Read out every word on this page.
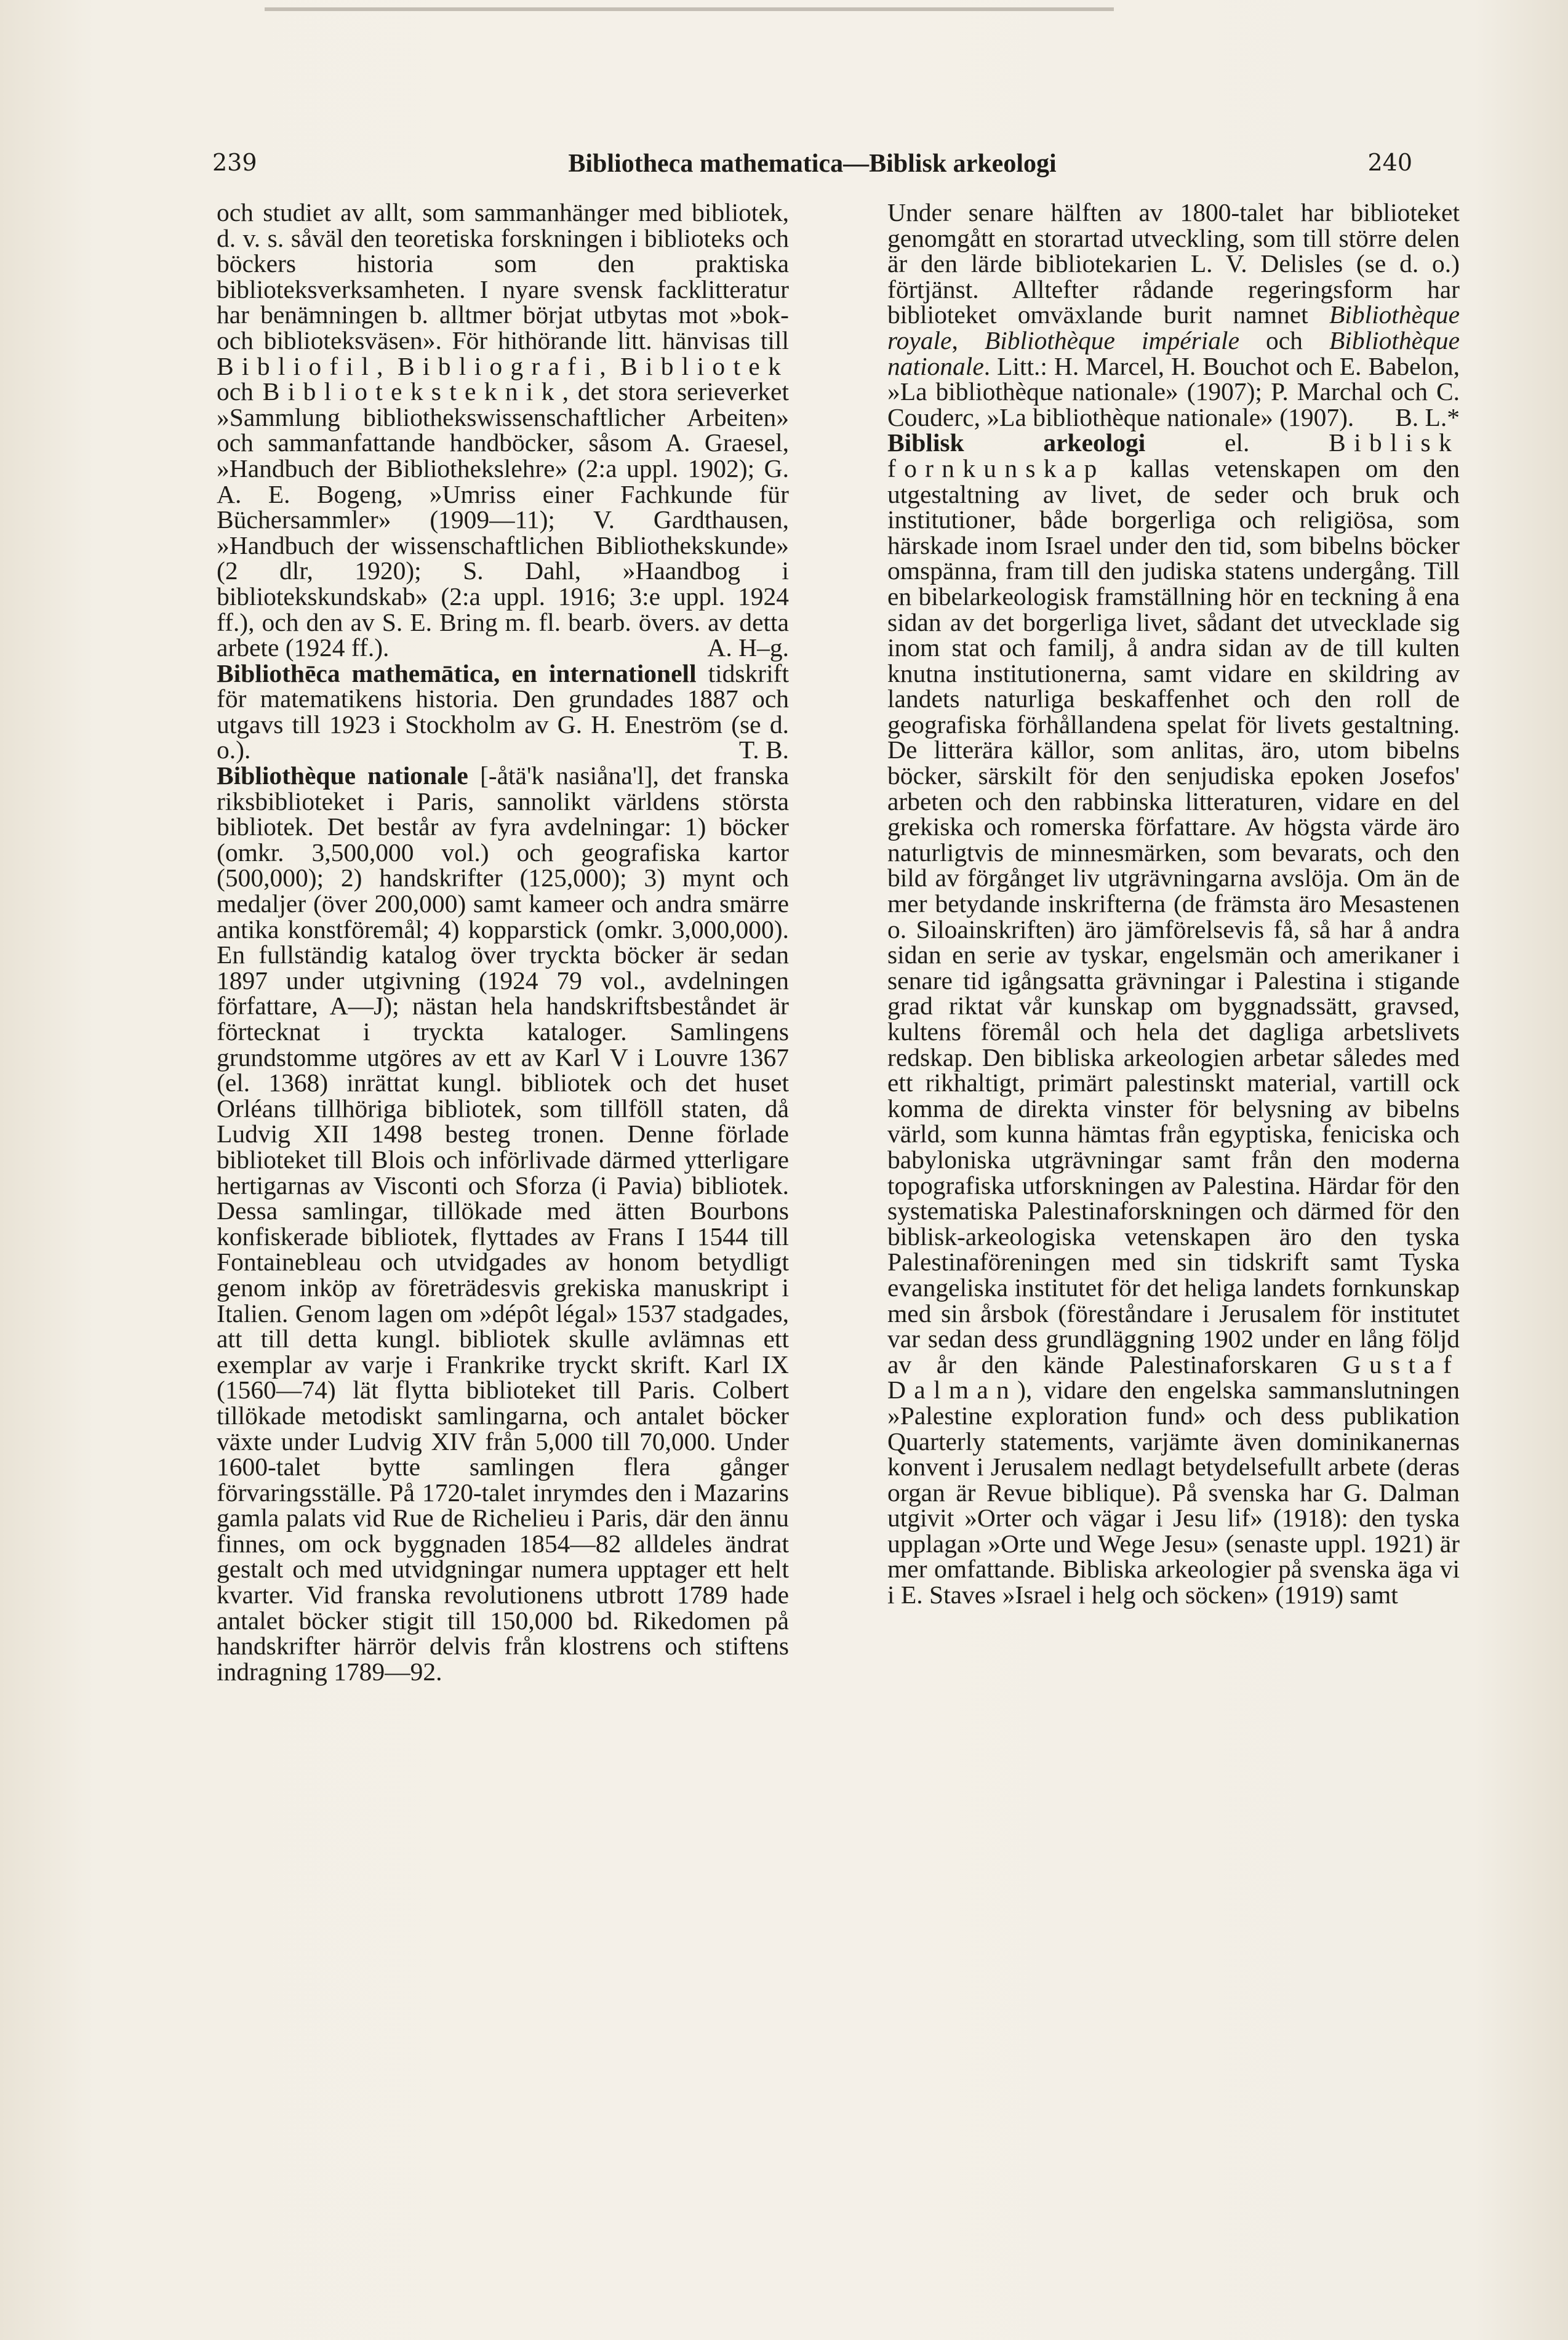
239	Bibliotheca mathematica—Biblisk arkeologi	240

och studiet av allt, som sammanhänger med bibliotek, d. v. s. såväl den teoretiska forskningen i biblioteks och böckers historia som den praktiska biblioteksverksamheten. I nyare svensk facklitteratur har benämningen b. alltmer börjat utbytas mot »bok- och biblioteksväsen». För hithörande litt. hänvisas till Bibliofil, Bibliografi, Bibliotek och Biblioteksteknik, det stora serieverket »Sammlung bibliothekswissenschaftlicher Arbeiten» och sammanfattande handböcker, såsom A. Graesel, »Handbuch der Bibliothekslehre» (2:a uppl. 1902); G. A. E. Bogeng, »Umriss einer Fachkunde für Büchersammler» (1909—11); V. Gardthausen, »Handbuch der wissenschaftlichen Bibliothekskunde» (2 dlr, 1920); S. Dahl, »Haandbog i bibliotekskundskab» (2:a uppl. 1916; 3:e uppl. 1924 ff.), och den av S. E. Bring m. fl. bearb. övers. av detta arbete (1924 ff.).	A. H–g.

Bibliothēca mathemātica, en internationell tidskrift för matematikens historia. Den grundades 1887 och utgavs till 1923 i Stockholm av G. H. Eneström (se d. o.).	T. B.

Bibliothèque nationale [-åtä'k nasiåna'l], det franska riksbiblioteket i Paris, sannolikt världens största bibliotek. Det består av fyra avdelningar: 1) böcker (omkr. 3,500,000 vol.) och geografiska kartor (500,000); 2) handskrifter (125,000); 3) mynt och medaljer (över 200,000) samt kameer och andra smärre antika konstföremål; 4) kopparstick (omkr. 3,000,000). En fullständig katalog över tryckta böcker är sedan 1897 under utgivning (1924 79 vol., avdelningen författare, A—J); nästan hela handskriftsbeståndet är förtecknat i tryckta kataloger. Samlingens grundstomme utgöres av ett av Karl V i Louvre 1367 (el. 1368) inrättat kungl. bibliotek och det huset Orléans tillhöriga bibliotek, som tillföll staten, då Ludvig XII 1498 besteg tronen. Denne förlade biblioteket till Blois och införlivade därmed ytterligare hertigarnas av Visconti och Sforza (i Pavia) bibliotek. Dessa samlingar, tillökade med ätten Bourbons konfiskerade bibliotek, flyttades av Frans I 1544 till Fontainebleau och utvidgades av honom betydligt genom inköp av företrädesvis grekiska manuskript i Italien. Genom lagen om »dépôt légal» 1537 stadgades, att till detta kungl. bibliotek skulle avlämnas ett exemplar av varje i Frankrike tryckt skrift. Karl IX (1560—74) lät flytta biblioteket till Paris. Colbert tillökade metodiskt samlingarna, och antalet böcker växte under Ludvig XIV från 5,000 till 70,000. Under 1600-talet bytte samlingen flera gånger förvaringsställe. På 1720-talet inrymdes den i Mazarins gamla palats vid Rue de Richelieu i Paris, där den ännu finnes, om ock byggnaden 1854—82 alldeles ändrat gestalt och med utvidgningar numera upptager ett helt kvarter. Vid franska revolutionens utbrott 1789 hade antalet böcker stigit till 150,000 bd. Rikedomen på handskrifter härrör delvis från klostrens och stiftens indragning 1789—92.

Under senare hälften av 1800-talet har biblioteket genomgått en storartad utveckling, som till större delen är den lärde bibliotekarien L. V. Delisles (se d. o.) förtjänst. Alltefter rådande regeringsform har biblioteket omväxlande burit namnet Bibliothèque royale, Bibliothèque impériale och Bibliothèque nationale. Litt.: H. Marcel, H. Bouchot och E. Babelon, »La bibliothèque nationale» (1907); P. Marchal och C. Couderc, »La bibliothèque nationale» (1907). B. L.*

Biblisk arkeologi el. Biblisk fornkunskap kallas vetenskapen om den utgestaltning av livet, de seder och bruk och institutioner, både borgerliga och religiösa, som härskade inom Israel under den tid, som bibelns böcker omspänna, fram till den judiska statens undergång. Till en bibelarkeologisk framställning hör en teckning å ena sidan av det borgerliga livet, sådant det utvecklade sig inom stat och familj, å andra sidan av de till kulten knutna institutionerna, samt vidare en skildring av landets naturliga beskaffenhet och den roll de geografiska förhållandena spelat för livets gestaltning. De litterära källor, som anlitas, äro, utom bibelns böcker, särskilt för den senjudiska epoken Josefos' arbeten och den rabbinska litteraturen, vidare en del grekiska och romerska författare. Av högsta värde äro naturligtvis de minnesmärken, som bevarats, och den bild av förgånget liv utgrävningarna avslöja. Om än de mer betydande inskrifterna (de främsta äro Mesastenen o. Siloainskriften) äro jämförelsevis få, så har å andra sidan en serie av tyskar, engelsmän och amerikaner i senare tid igångsatta grävningar i Palestina i stigande grad riktat vår kunskap om byggnadssätt, gravsed, kultens föremål och hela det dagliga arbetslivets redskap. Den bibliska arkeologien arbetar således med ett rikhaltigt, primärt palestinskt material, vartill ock komma de direkta vinster för belysning av bibelns värld, som kunna hämtas från egyptiska, feniciska och babyloniska utgrävningar samt från den moderna topografiska utforskningen av Palestina. Härdar för den systematiska Palestinaforskningen och därmed för den biblisk-arkeologiska vetenskapen äro den tyska Palestinaföreningen med sin tidskrift samt Tyska evangeliska institutet för det heliga landets fornkunskap med sin årsbok (föreståndare i Jerusalem för institutet var sedan dess grundläggning 1902 under en lång följd av år den kände Palestinaforskaren Gustaf Dalman), vidare den engelska sammanslutningen »Palestine exploration fund» och dess publikation Quarterly statements, varjämte även dominikanernas konvent i Jerusalem nedlagt betydelsefullt arbete (deras organ är Revue biblique). På svenska har G. Dalman utgivit »Orter och vägar i Jesu lif» (1918): den tyska upplagan »Orte und Wege Jesu» (senaste uppl. 1921) är mer omfattande. Bibliska arkeologier på svenska äga vi i E. Staves »Israel i helg och söcken» (1919) samt
